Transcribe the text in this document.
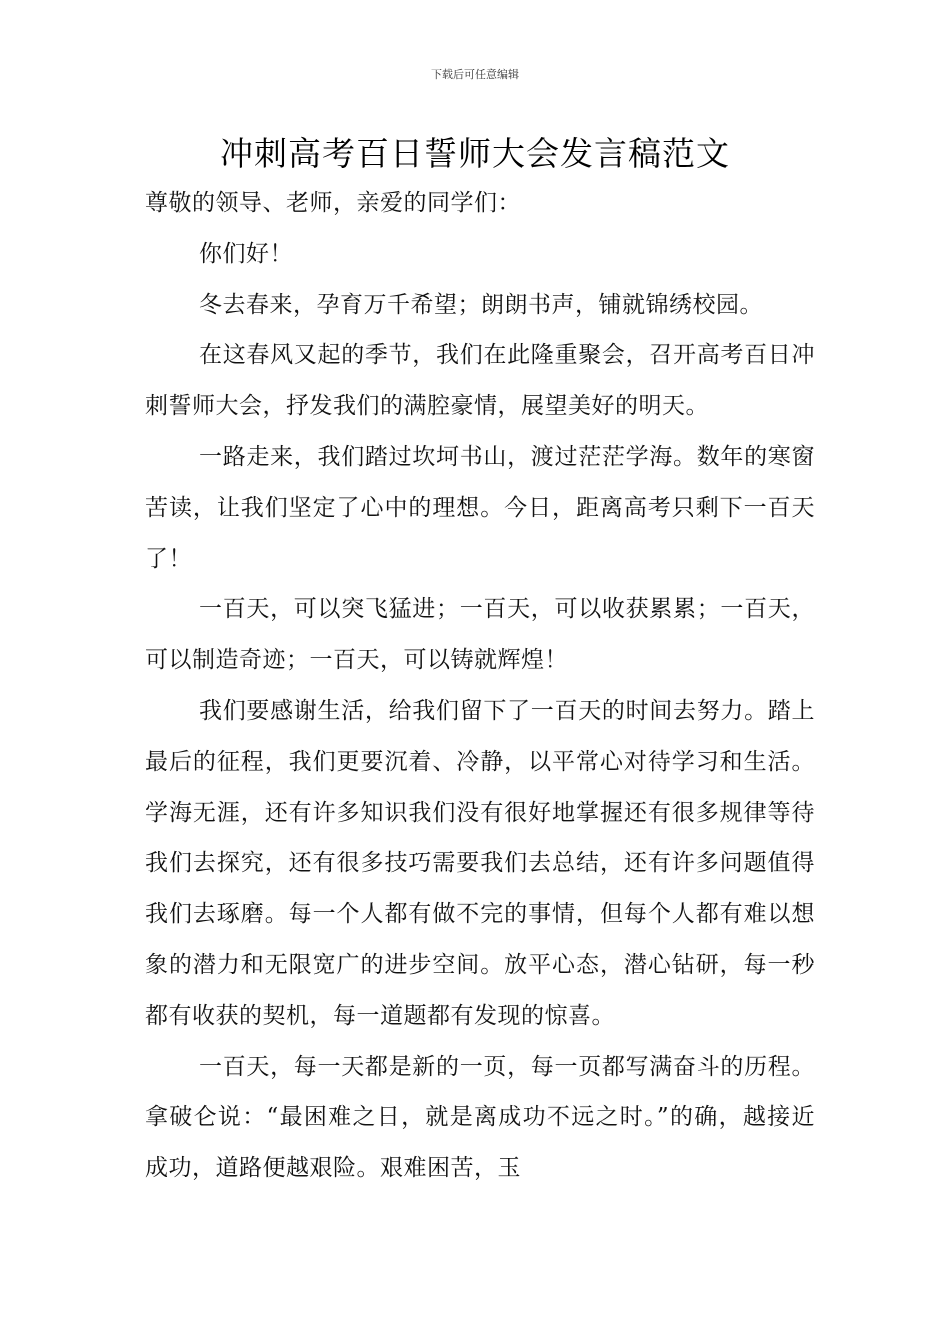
下载后可任意编辑
冲刺高考百日誓师大会发言稿范文

尊敬的领导、老师，亲爱的同学们：

你们好！

冬去春来，孕育万千希望；朗朗书声，铺就锦绣校园。

在这春风又起的季节，我们在此隆重聚会，召开高考百日冲刺誓师大会，抒发我们的满腔豪情，展望美好的明天。

一路走来，我们踏过坎坷书山，渡过茫茫学海。数年的寒窗苦读，让我们坚定了心中的理想。今日，距离高考只剩下一百天了！

一百天，可以突飞猛进；一百天，可以收获累累；一百天，可以制造奇迹；一百天，可以铸就辉煌！

我们要感谢生活，给我们留下了一百天的时间去努力。踏上最后的征程，我们更要沉着、冷静，以平常心对待学习和生活。学海无涯，还有许多知识我们没有很好地掌握还有很多规律等待我们去探究，还有很多技巧需要我们去总结，还有许多问题值得我们去琢磨。每一个人都有做不完的事情，但每个人都有难以想象的潜力和无限宽广的进步空间。放平心态，潜心钻研，每一秒都有收获的契机，每一道题都有发现的惊喜。

一百天，每一天都是新的一页，每一页都写满奋斗的历程。拿破仑说：“最困难之日，就是离成功不远之时。”的确，越接近成功，道路便越艰险。艰难困苦，玉
